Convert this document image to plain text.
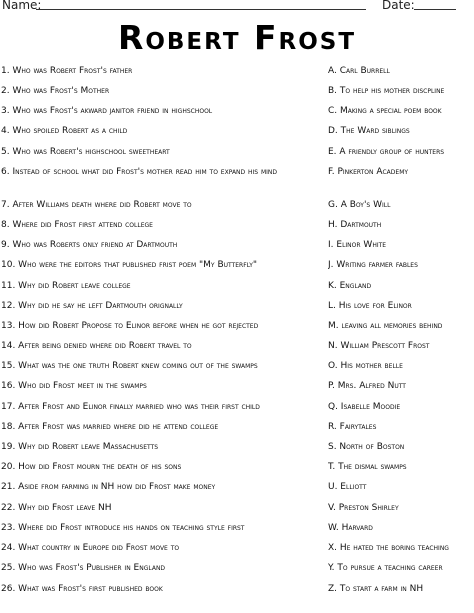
Name:	Date:
Robert Frost
1. Who was Robert Frost's father	A. Carl Burrell
2. Who was Frost's Mother	B. To help his mother discpline
3. Who was Frost's akward janitor friend in highschool	C. Making a special poem book
4. Who spoiled Robert as a child	D. The Ward siblings
5. Who was Robert's highschool sweetheart	E. A friendly group of hunters
6. Instead of school what did Frost's mother read him to expand his mind	F. Pinkerton Academy
7. After Williams death where did Robert move to	G. A Boy's Will
8. Where did Frost first attend college	H. Dartmouth
9. Who was Roberts only friend at Dartmouth	I. Elinor White
10. Who were the editors that published frist poem "My Butterfly"	J. Writing farmer fables
11. Why did Robert leave college	K. England
12. Why did he say he left Dartmouth orignally	L. His love for Elinor
13. How did Robert Propose to Elinor before when he got rejected	M. leaving all memories behind
14. After being denied where did Robert travel to	N. William Prescott Frost
15. What was the one truth Robert knew coming out of the swamps	O. His mother belle
16. Who did Frost meet in the swamps	P. Mrs. Alfred Nutt
17. After Frost and Elinor finally married who was their first child	Q. Isabelle Moodie
18. After Frost was married where did he attend college	R. Fairytales
19. Why did Robert leave Massachusetts	S. North of Boston
20. How did Frost mourn the death of his sons	T. The dismal swamps
21. Aside from farming in NH how did Frost make money	U. Elliott
22. Why did Frost leave NH	V. Preston Shirley
23. Where did Frost introduce his hands on teaching style first	W. Harvard
24. What country in Europe did Frost move to	X. He hated the boring teaching
25. Who was Frost's Publisher in England	Y. To pursue a teaching career
26. What was Frost's first published book	Z. To start a farm in NH
